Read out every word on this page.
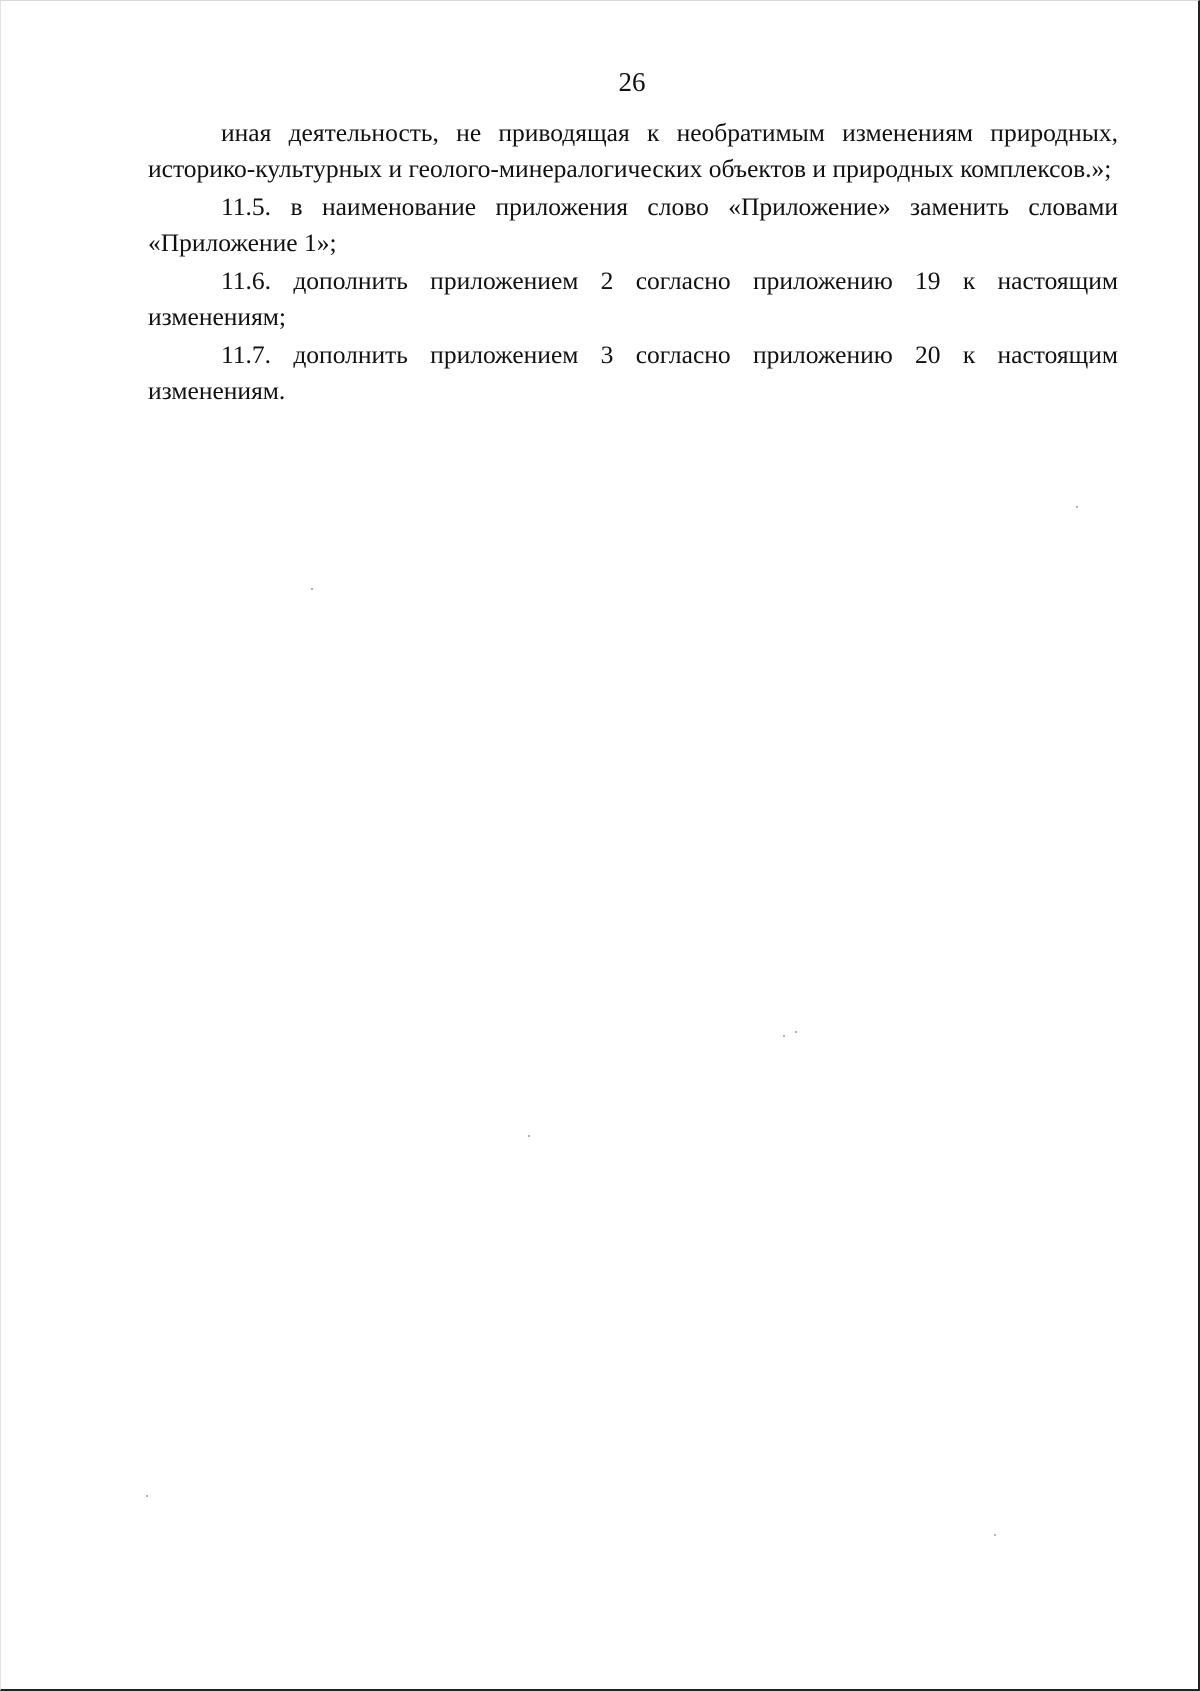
26

иная деятельность, не приводящая к необратимым изменениям природных, историко-культурных и геолого-минералогических объектов и природных комплексов.»;

11.5. в наименование приложения слово «Приложение» заменить словами «Приложение 1»;

11.6. дополнить приложением 2 согласно приложению 19 к настоящим изменениям;

11.7. дополнить приложением 3 согласно приложению 20 к настоящим изменениям.
